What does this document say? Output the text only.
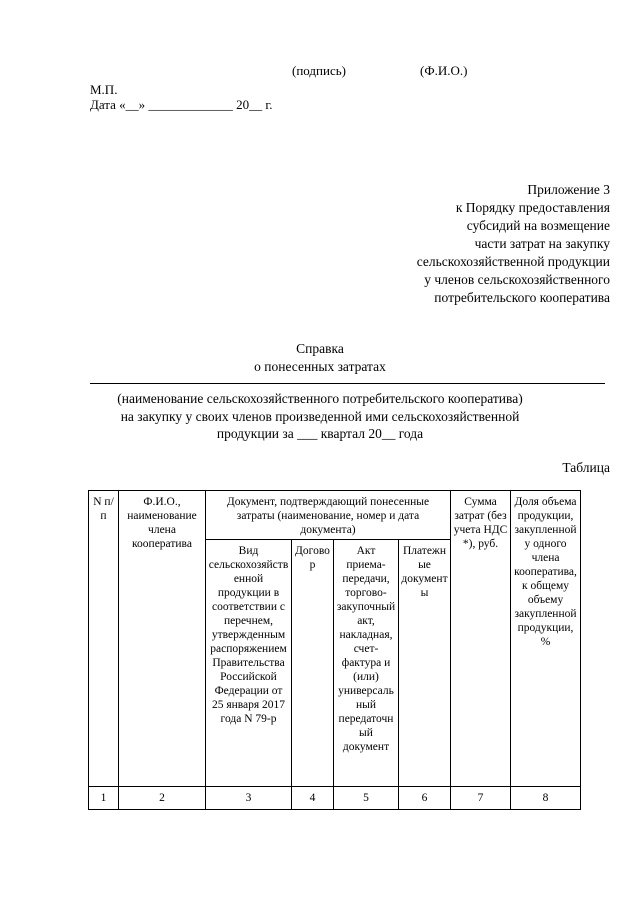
(подпись)	(Ф.И.О.)
М.П.
Дата «__» _____________ 20__ г.
Приложение 3
к Порядку предоставления
субсидий на возмещение
части затрат на закупку
сельскохозяйственной продукции
у членов сельскохозяйственного
потребительского кооператива
Справка
о понесенных затратах
(наименование сельскохозяйственного потребительского кооператива)
на закупку у своих членов произведенной ими сельскохозяйственной
продукции за ___ квартал 20__ года
Таблица
N п/п	Ф.И.О., наименование члена кооператива	Документ, подтверждающий понесенные затраты (наименование, номер и дата документа)				Сумма затрат (без учета НДС *), руб.	Доля объема продукции, закупленной у одного члена кооператива, к общему объему закупленной продукции, %
		Вид сельскохозяйственной продукции в соответствии с перечнем, утвержденным распоряжением Правительства Российской Федерации от 25 января 2017 года N 79-р	Договор	Акт приема-передачи, торгово-закупочный акт, накладная, счет-фактура и (или) универсальный передаточный документ	Платежные документы		
1	2	3	4	5	6	7	8
